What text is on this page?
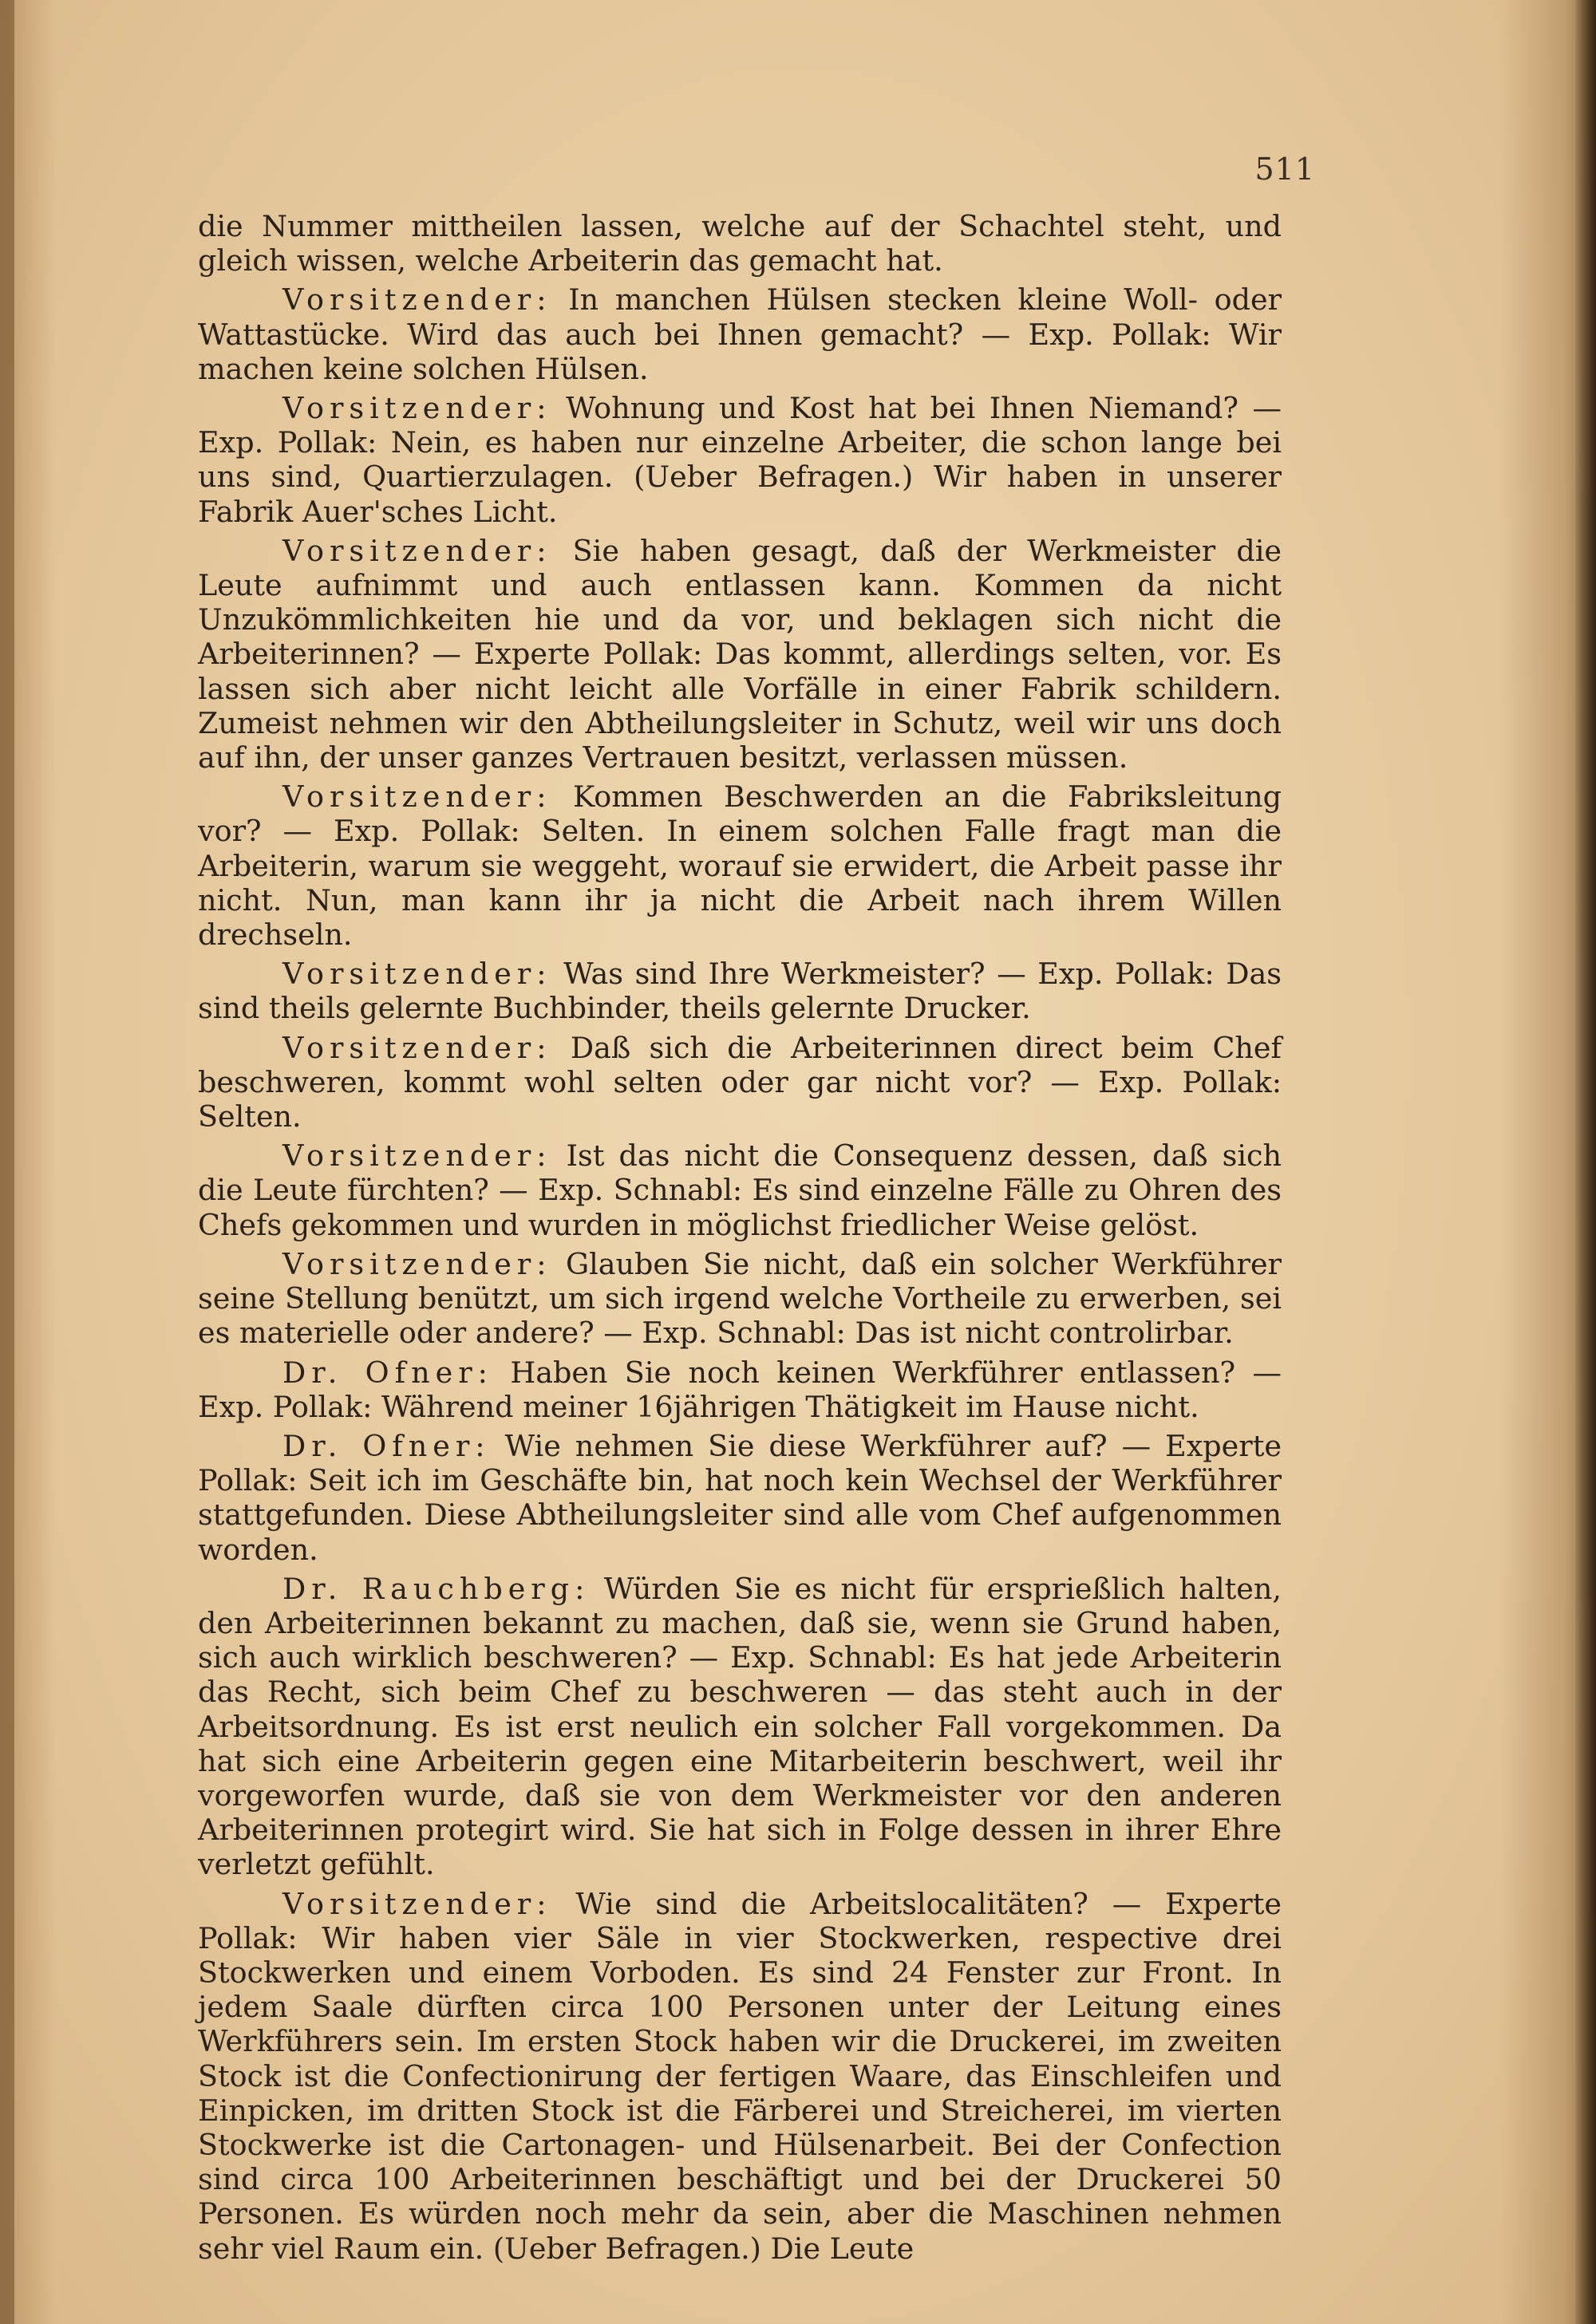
511

die Nummer mittheilen lassen, welche auf der Schachtel steht, und gleich wissen, welche Arbeiterin das gemacht hat.

Vorsitzender: In manchen Hülsen stecken kleine Woll- oder Wattastücke. Wird das auch bei Ihnen gemacht? — Exp. Pollak: Wir machen keine solchen Hülsen.

Vorsitzender: Wohnung und Kost hat bei Ihnen Niemand? — Exp. Pollak: Nein, es haben nur einzelne Arbeiter, die schon lange bei uns sind, Quartierzulagen. (Ueber Befragen.) Wir haben in unserer Fabrik Auer'sches Licht.

Vorsitzender: Sie haben gesagt, daß der Werkmeister die Leute aufnimmt und auch entlassen kann. Kommen da nicht Unzukömmlichkeiten hie und da vor, und beklagen sich nicht die Arbeiterinnen? — Experte Pollak: Das kommt, allerdings selten, vor. Es lassen sich aber nicht leicht alle Vorfälle in einer Fabrik schildern. Zumeist nehmen wir den Abtheilungsleiter in Schutz, weil wir uns doch auf ihn, der unser ganzes Vertrauen besitzt, verlassen müssen.

Vorsitzender: Kommen Beschwerden an die Fabriksleitung vor? — Exp. Pollak: Selten. In einem solchen Falle fragt man die Arbeiterin, warum sie weggeht, worauf sie erwidert, die Arbeit passe ihr nicht. Nun, man kann ihr ja nicht die Arbeit nach ihrem Willen drechseln.

Vorsitzender: Was sind Ihre Werkmeister? — Exp. Pollak: Das sind theils gelernte Buchbinder, theils gelernte Drucker.

Vorsitzender: Daß sich die Arbeiterinnen direct beim Chef beschweren, kommt wohl selten oder gar nicht vor? — Exp. Pollak: Selten.

Vorsitzender: Ist das nicht die Consequenz dessen, daß sich die Leute fürchten? — Exp. Schnabl: Es sind einzelne Fälle zu Ohren des Chefs gekommen und wurden in möglichst friedlicher Weise gelöst.

Vorsitzender: Glauben Sie nicht, daß ein solcher Werkführer seine Stellung benützt, um sich irgend welche Vortheile zu erwerben, sei es materielle oder andere? — Exp. Schnabl: Das ist nicht controlirbar.

Dr. Ofner: Haben Sie noch keinen Werkführer entlassen? — Exp. Pollak: Während meiner 16jährigen Thätigkeit im Hause nicht.

Dr. Ofner: Wie nehmen Sie diese Werkführer auf? — Experte Pollak: Seit ich im Geschäfte bin, hat noch kein Wechsel der Werkführer stattgefunden. Diese Abtheilungsleiter sind alle vom Chef aufgenommen worden.

Dr. Rauchberg: Würden Sie es nicht für ersprießlich halten, den Arbeiterinnen bekannt zu machen, daß sie, wenn sie Grund haben, sich auch wirklich beschweren? — Exp. Schnabl: Es hat jede Arbeiterin das Recht, sich beim Chef zu beschweren — das steht auch in der Arbeitsordnung. Es ist erst neulich ein solcher Fall vorgekommen. Da hat sich eine Arbeiterin gegen eine Mitarbeiterin beschwert, weil ihr vorgeworfen wurde, daß sie von dem Werkmeister vor den anderen Arbeiterinnen protegirt wird. Sie hat sich in Folge dessen in ihrer Ehre verletzt gefühlt.

Vorsitzender: Wie sind die Arbeitslocalitäten? — Experte Pollak: Wir haben vier Säle in vier Stockwerken, respective drei Stockwerken und einem Vorboden. Es sind 24 Fenster zur Front. In jedem Saale dürften circa 100 Personen unter der Leitung eines Werkführers sein. Im ersten Stock haben wir die Druckerei, im zweiten Stock ist die Confectionirung der fertigen Waare, das Einschleifen und Einpicken, im dritten Stock ist die Färberei und Streicherei, im vierten Stockwerke ist die Cartonagen- und Hülsenarbeit. Bei der Confection sind circa 100 Arbeiterinnen beschäftigt und bei der Druckerei 50 Personen. Es würden noch mehr da sein, aber die Maschinen nehmen sehr viel Raum ein. (Ueber Befragen.) Die Leute
